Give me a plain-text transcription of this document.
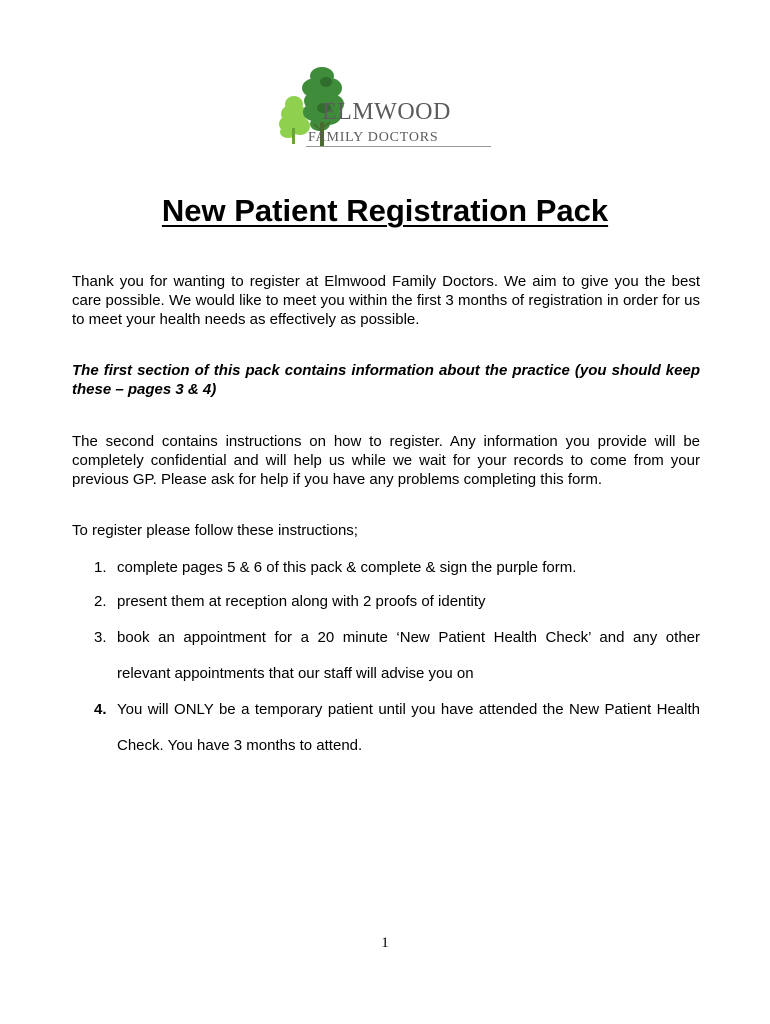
ELMWOOD
FAMILY DOCTORS
New Patient Registration Pack

Thank you for wanting to register at Elmwood Family Doctors. We aim to give you the best care possible. We would like to meet you within the first 3 months of registration in order for us to meet your health needs as effectively as possible.

The first section of this pack contains information about the practice (you should keep these – pages 3 & 4)

The second contains instructions on how to register. Any information you provide will be completely confidential and will help us while we wait for your records to come from your previous GP. Please ask for help if you have any problems completing this form.

To register please follow these instructions;

1. complete pages 5 & 6 of this pack & complete & sign the purple form.
2. present them at reception along with 2 proofs of identity
3. book an appointment for a 20 minute ‘New Patient Health Check’ and any other relevant appointments that our staff will advise you on
4. You will ONLY be a temporary patient until you have attended the New Patient Health Check. You have 3 months to attend.
1
